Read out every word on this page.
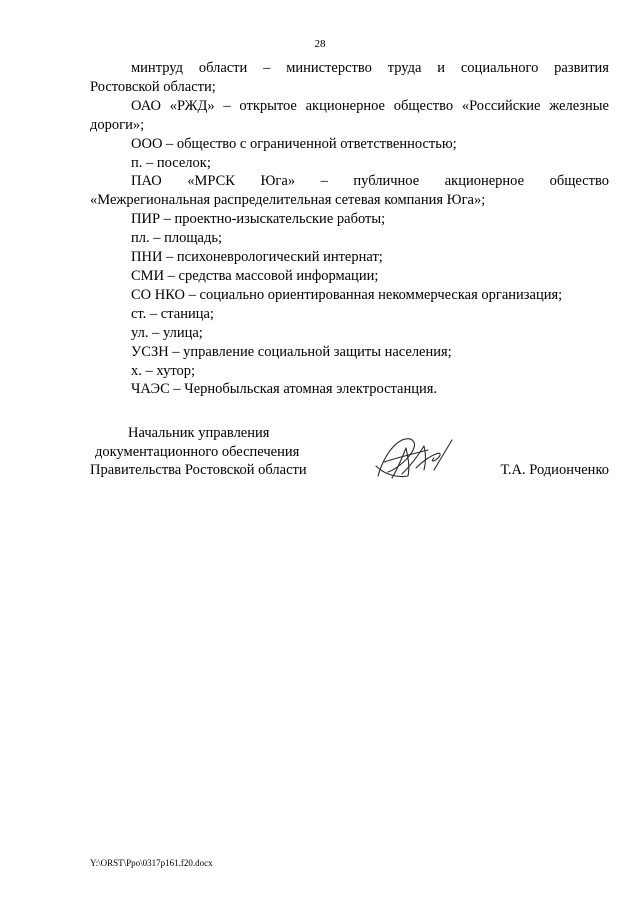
28
минтруд области – министерство труда и социального развития
Ростовской области;
ОАО «РЖД» – открытое акционерное общество «Российские железные
дороги»;

ООО – общество с ограниченной ответственностью;

п. – поселок;

ПАО «МРСК Юга» – публичное акционерное общество
«Межрегиональная распределительная сетевая компания Юга»;

ПИР – проектно-изыскательские работы;

пл. – площадь;

ПНИ – психоневрологический интернат;

СМИ – средства массовой информации;

СО НКО – социально ориентированная некоммерческая организация;

ст. – станица;

ул. – улица;

УСЗН – управление социальной защиты населения;

х. – хутор;

ЧАЭС – Чернобыльская атомная электростанция.

Начальник управления
документационного обеспечения
Правительства Ростовской области	Т.А. Родионченко
Y:\ORST\Ppo\0317p161.f20.docx
